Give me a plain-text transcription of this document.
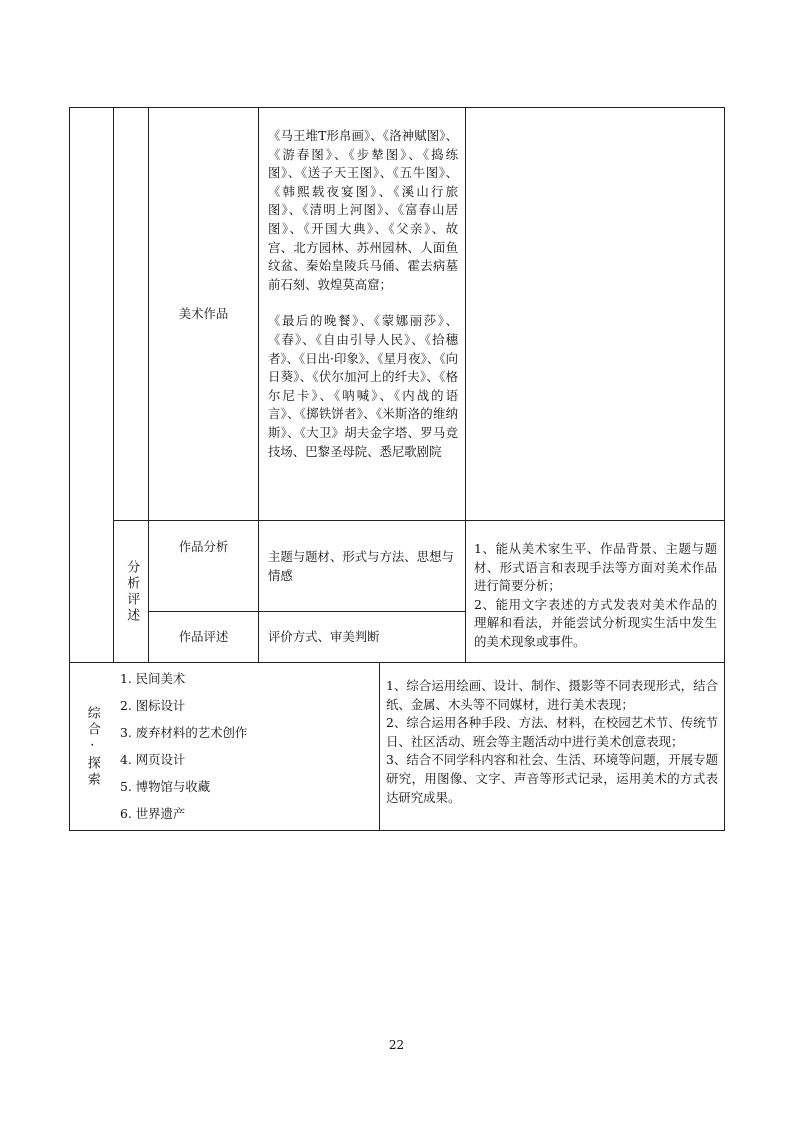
美术作品

《马王堆T形帛画》、《洛神赋图》、《游春图》、《步辇图》、《捣练图》、《送子天王图》、《五牛图》、《韩熙载夜宴图》、《溪山行旅图》、《清明上河图》、《富春山居图》、《开国大典》、《父亲》、故宫、北方园林、苏州园林、人面鱼纹盆、秦始皇陵兵马俑、霍去病墓前石刻、敦煌莫高窟；

《最后的晚餐》、《蒙娜丽莎》、《春》、《自由引导人民》、《拾穗者》、《日出·印象》、《星月夜》、《向日葵》、《伏尔加河上的纤夫》、《格尔尼卡》、《呐喊》、《内战的语言》、《掷铁饼者》、《米斯洛的维纳斯》、《大卫》胡夫金字塔、罗马竞技场、巴黎圣母院、悉尼歌剧院

分析评述
作品分析
主题与题材、形式与方法、思想与情感
作品评述	评价方式、审美判断
1、能从美术家生平、作品背景、主题与题材、形式语言和表现手法等方面对美术作品进行简要分析；
2、能用文字表述的方式发表对美术作品的理解和看法，并能尝试分析现实生活中发生的美术现象或事件。
综合·探索
1. 民间美术
2. 图标设计
3. 废弃材料的艺术创作
4. 网页设计
5. 博物馆与收藏
6. 世界遗产
1、综合运用绘画、设计、制作、摄影等不同表现形式，结合纸、金属、木头等不同媒材，进行美术表现；
2、综合运用各种手段、方法、材料，在校园艺术节、传统节日、社区活动、班会等主题活动中进行美术创意表现；
3、结合不同学科内容和社会、生活、环境等问题，开展专题研究，用图像、文字、声音等形式记录，运用美术的方式表达研究成果。
22
